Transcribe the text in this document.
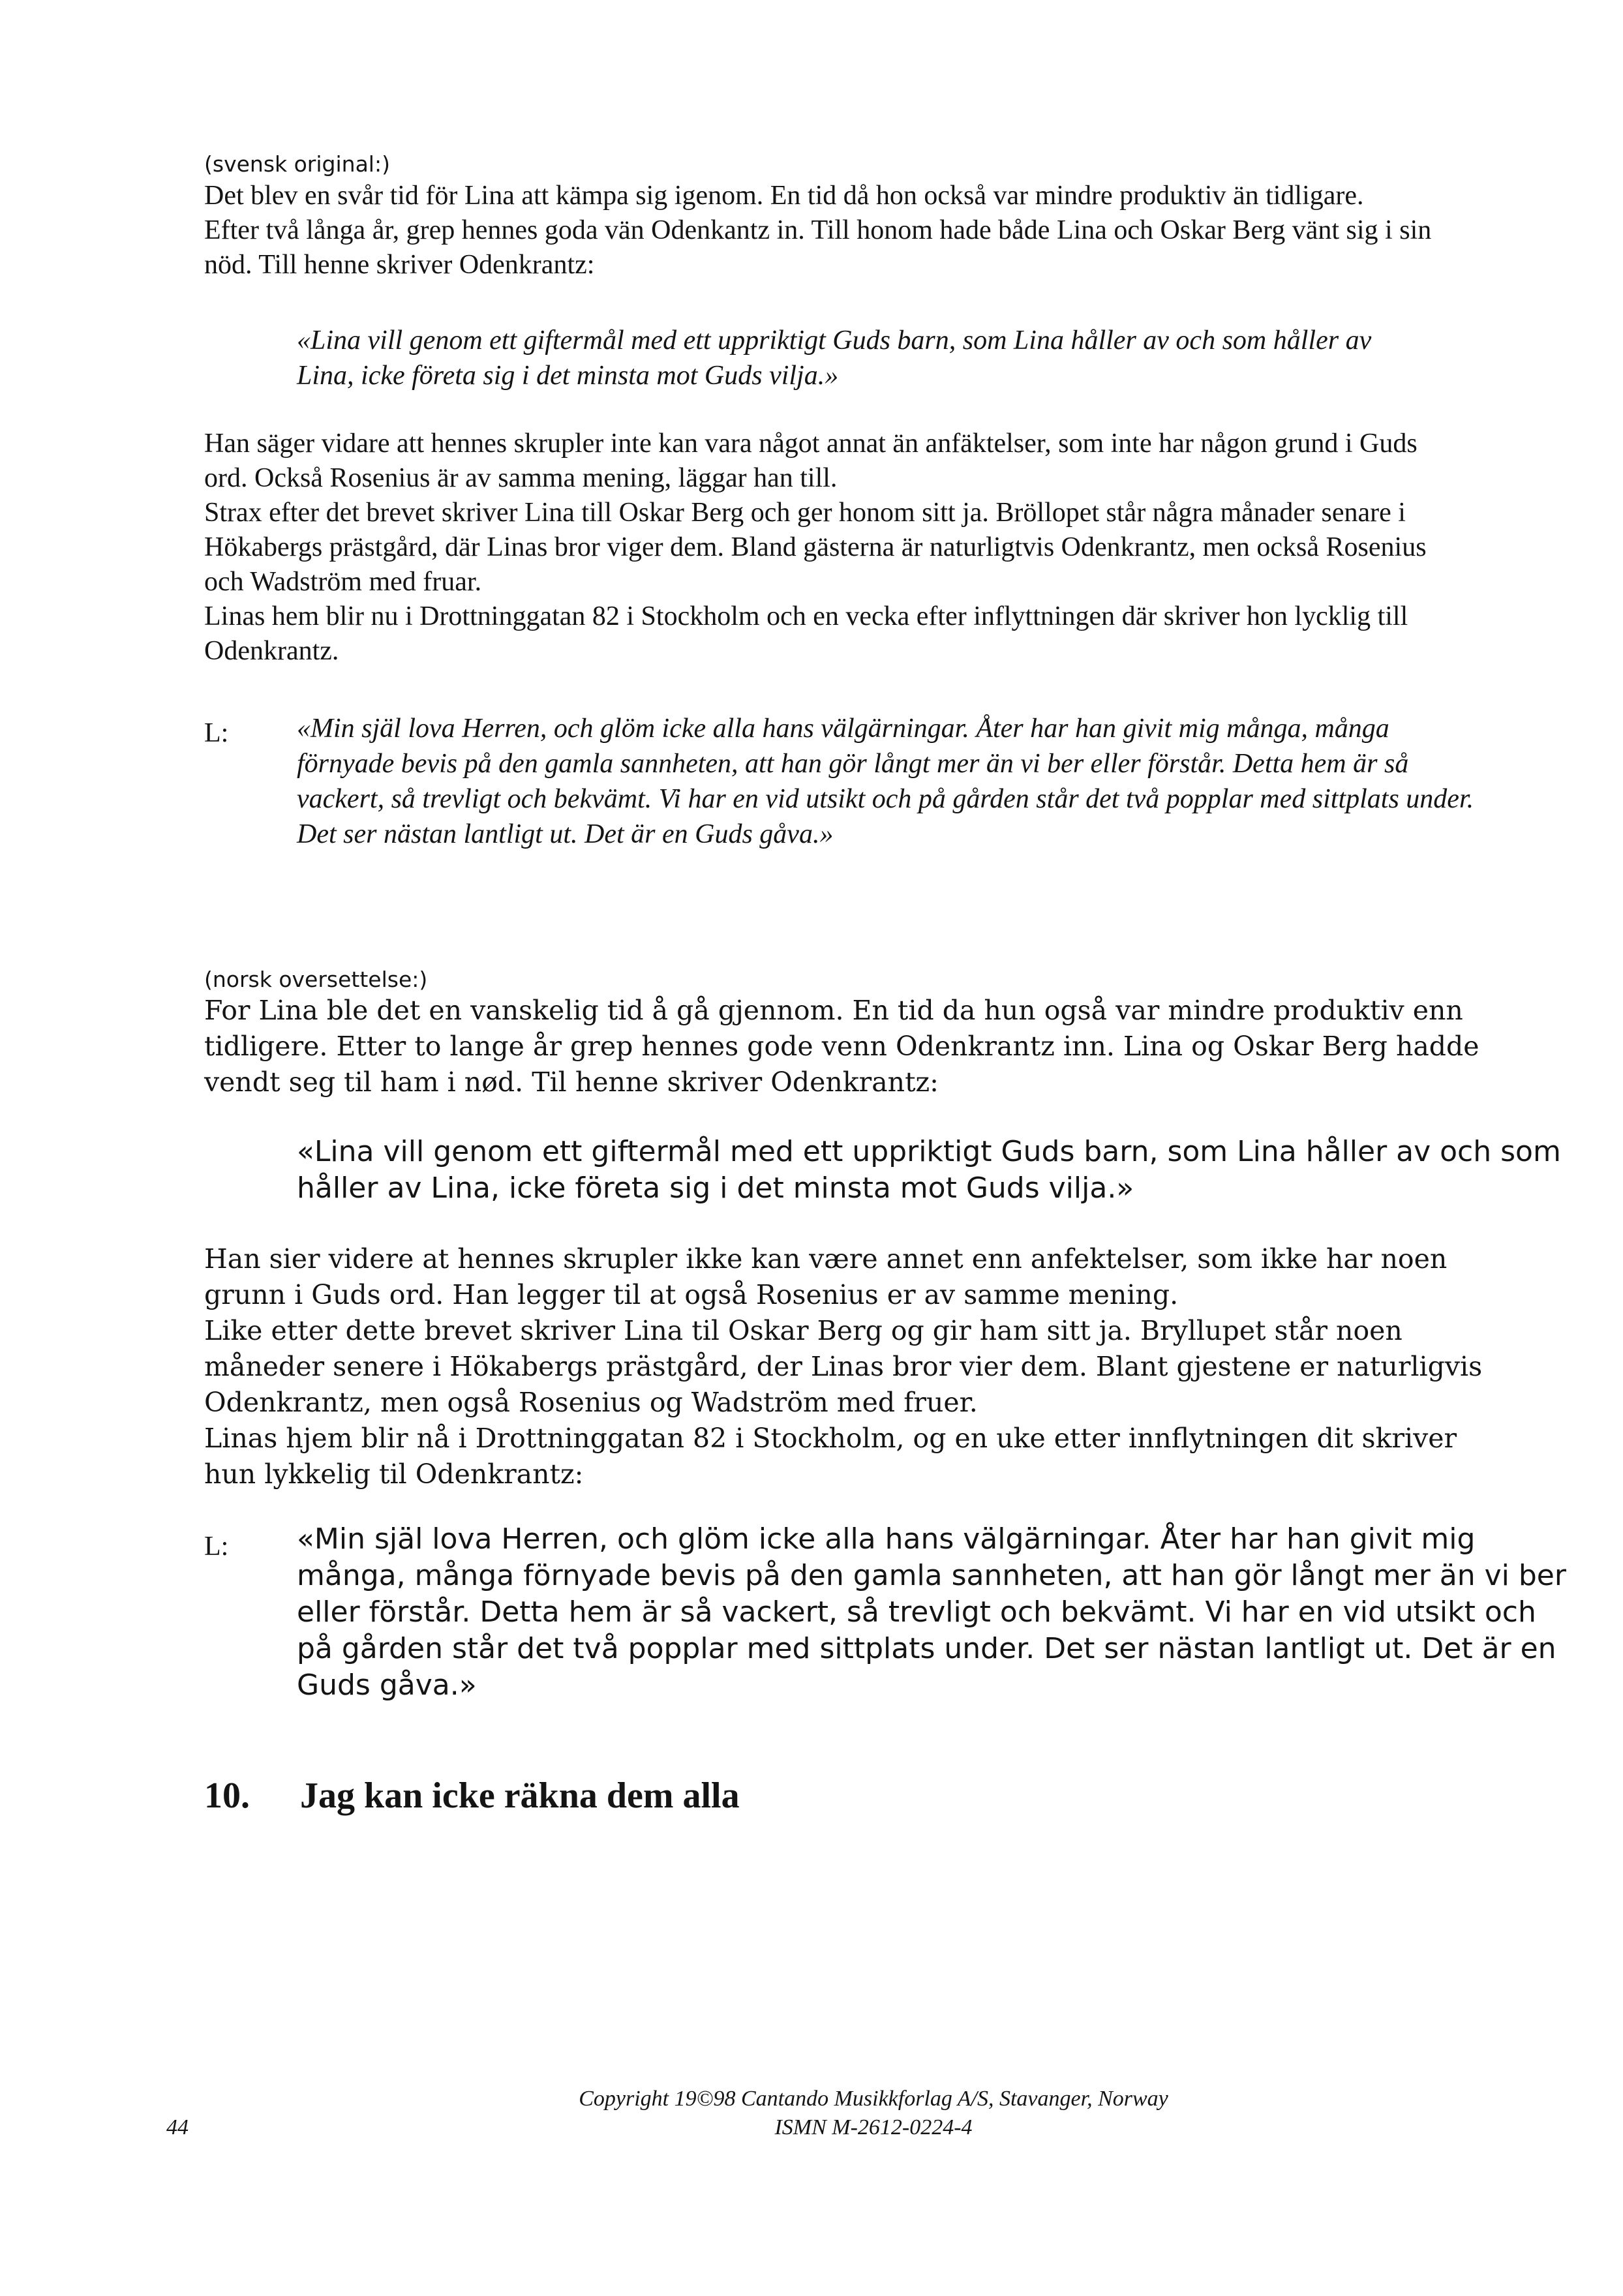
(svensk original:)
Det blev en svår tid för Lina att kämpa sig igenom. En tid då hon också var mindre produktiv än tidligare.
Efter två långa år, grep hennes goda vän Odenkantz in. Till honom hade både Lina och Oskar Berg vänt sig i sin
nöd. Till henne skriver Odenkrantz:
«Lina vill genom ett giftermål med ett uppriktigt Guds barn, som Lina håller av och som håller av
Lina, icke företa sig i det minsta mot Guds vilja.»
Han säger vidare att hennes skrupler inte kan vara något annat än anfäktelser, som inte har någon grund i Guds
ord. Också Rosenius är av samma mening, läggar han till.
Strax efter det brevet skriver Lina till Oskar Berg och ger honom sitt ja. Bröllopet står några månader senare i
Hökabergs prästgård, där Linas bror viger dem. Bland gästerna är naturligtvis Odenkrantz, men också Rosenius
och Wadström med fruar.
Linas hem blir nu i Drottninggatan 82 i Stockholm och en vecka efter inflyttningen där skriver hon lycklig till
Odenkrantz.
L: «Min själ lova Herren, och glöm icke alla hans välgärningar. Åter har han givit mig många, många
förnyade bevis på den gamla sannheten, att han gör långt mer än vi ber eller förstår. Detta hem är så
vackert, så trevligt och bekvämt. Vi har en vid utsikt och på gården står det två popplar med sittplats under.
Det ser nästan lantligt ut. Det är en Guds gåva.»
(norsk oversettelse:)
For Lina ble det en vanskelig tid å gå gjennom. En tid da hun også var mindre produktiv enn
tidligere. Etter to lange år grep hennes gode venn Odenkrantz inn. Lina og Oskar Berg hadde
vendt seg til ham i nød. Til henne skriver Odenkrantz:
«Lina vill genom ett giftermål med ett uppriktigt Guds barn, som Lina håller av och som
håller av Lina, icke företa sig i det minsta mot Guds vilja.»
Han sier videre at hennes skrupler ikke kan være annet enn anfektelser, som ikke har noen
grunn i Guds ord. Han legger til at også Rosenius er av samme mening.
Like etter dette brevet skriver Lina til Oskar Berg og gir ham sitt ja. Bryllupet står noen
måneder senere i Hökabergs prästgård, der Linas bror vier dem. Blant gjestene er naturligvis
Odenkrantz, men også Rosenius og Wadström med fruer.
Linas hjem blir nå i Drottninggatan 82 i Stockholm, og en uke etter innflytningen dit skriver
hun lykkelig til Odenkrantz:
L: «Min själ lova Herren, och glöm icke alla hans välgärningar. Åter har han givit mig
många, många förnyade bevis på den gamla sannheten, att han gör långt mer än vi ber
eller förstår. Detta hem är så vackert, så trevligt och bekvämt. Vi har en vid utsikt och
på gården står det två popplar med sittplats under. Det ser nästan lantligt ut. Det är en
Guds gåva.»
10. Jag kan icke räkna dem alla
44
Copyright 19©98 Cantando Musikkforlag A/S, Stavanger, Norway
ISMN M-2612-0224-4
